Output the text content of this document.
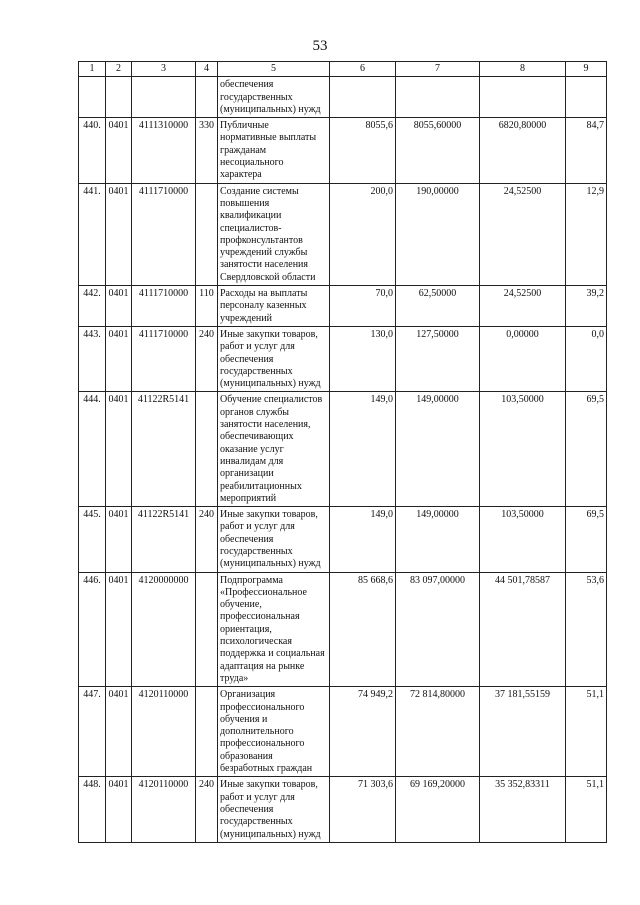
53
1	2	3	4	5	6	7	8	9
				обеспечения государственных (муниципальных) нужд				
440.	0401	4111310000	330	Публичные нормативные выплаты гражданам несоциального характера	8055,6	8055,60000	6820,80000	84,7
441.	0401	4111710000		Создание системы повышения квалификации специалистов-профконсультантов учреждений службы занятости населения Свердловской области	200,0	190,00000	24,52500	12,9
442.	0401	4111710000	110	Расходы на выплаты персоналу казенных учреждений	70,0	62,50000	24,52500	39,2
443.	0401	4111710000	240	Иные закупки товаров, работ и услуг для обеспечения государственных (муниципальных) нужд	130,0	127,50000	0,00000	0,0
444.	0401	41122R5141		Обучение специалистов органов службы занятости населения, обеспечивающих оказание услуг инвалидам для организации реабилитационных мероприятий	149,0	149,00000	103,50000	69,5
445.	0401	41122R5141	240	Иные закупки товаров, работ и услуг для обеспечения государственных (муниципальных) нужд	149,0	149,00000	103,50000	69,5
446.	0401	4120000000		Подпрограмма «Профессиональное обучение, профессиональная ориентация, психологическая поддержка и социальная адаптация на рынке труда»	85 668,6	83 097,00000	44 501,78587	53,6
447.	0401	4120110000		Организация профессионального обучения и дополнительного профессионального образования безработных граждан	74 949,2	72 814,80000	37 181,55159	51,1
448.	0401	4120110000	240	Иные закупки товаров, работ и услуг для обеспечения государственных (муниципальных) нужд	71 303,6	69 169,20000	35 352,83311	51,1
